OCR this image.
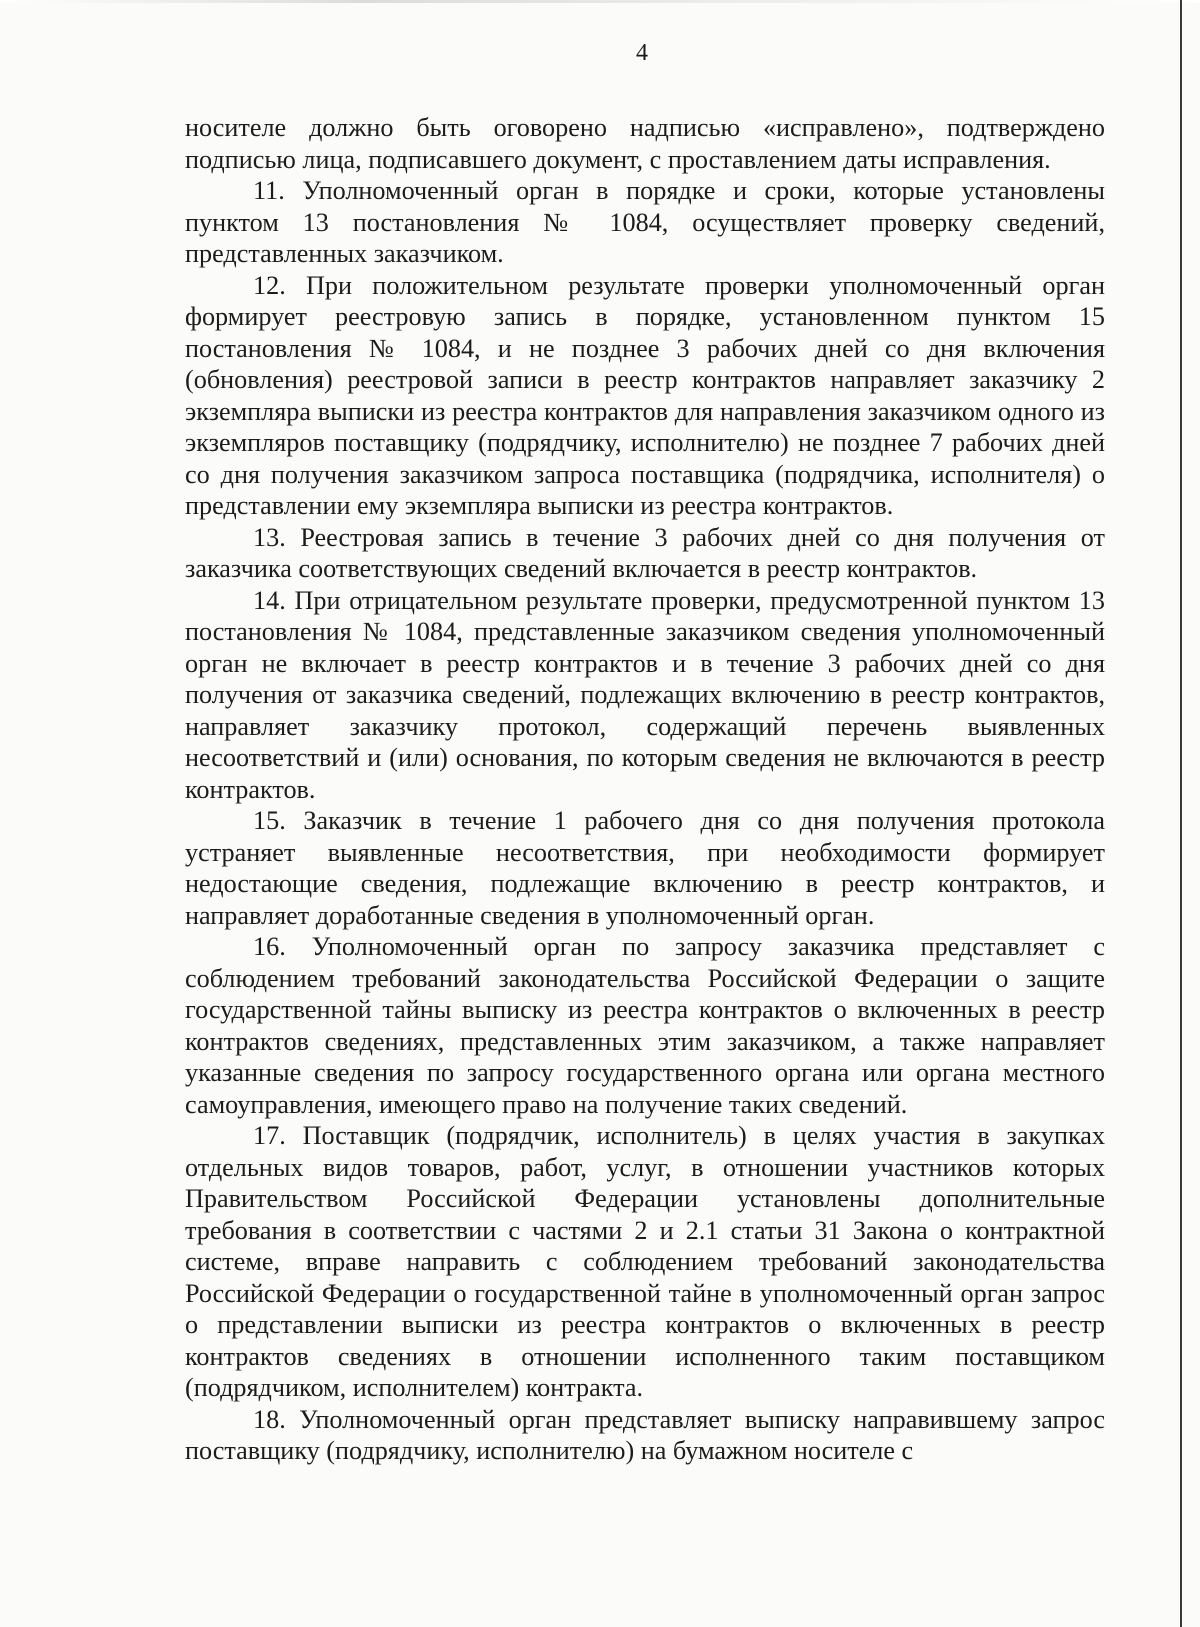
4

носителе должно быть оговорено надписью «исправлено», подтверждено подписью лица, подписавшего документ, с проставлением даты исправления.

11. Уполномоченный орган в порядке и сроки, которые установлены пунктом 13 постановления № 1084, осуществляет проверку сведений, представленных заказчиком.

12. При положительном результате проверки уполномоченный орган формирует реестровую запись в порядке, установленном пунктом 15 постановления № 1084, и не позднее 3 рабочих дней со дня включения (обновления) реестровой записи в реестр контрактов направляет заказчику 2 экземпляра выписки из реестра контрактов для направления заказчиком одного из экземпляров поставщику (подрядчику, исполнителю) не позднее 7 рабочих дней со дня получения заказчиком запроса поставщика (подрядчика, исполнителя) о представлении ему экземпляра выписки из реестра контрактов.

13. Реестровая запись в течение 3 рабочих дней со дня получения от заказчика соответствующих сведений включается в реестр контрактов.

14. При отрицательном результате проверки, предусмотренной пунктом 13 постановления № 1084, представленные заказчиком сведения уполномоченный орган не включает в реестр контрактов и в течение 3 рабочих дней со дня получения от заказчика сведений, подлежащих включению в реестр контрактов, направляет заказчику протокол, содержащий перечень выявленных несоответствий и (или) основания, по которым сведения не включаются в реестр контрактов.

15. Заказчик в течение 1 рабочего дня со дня получения протокола устраняет выявленные несоответствия, при необходимости формирует недостающие сведения, подлежащие включению в реестр контрактов, и направляет доработанные сведения в уполномоченный орган.

16. Уполномоченный орган по запросу заказчика представляет с соблюдением требований законодательства Российской Федерации о защите государственной тайны выписку из реестра контрактов о включенных в реестр контрактов сведениях, представленных этим заказчиком, а также направляет указанные сведения по запросу государственного органа или органа местного самоуправления, имеющего право на получение таких сведений.

17. Поставщик (подрядчик, исполнитель) в целях участия в закупках отдельных видов товаров, работ, услуг, в отношении участников которых Правительством Российской Федерации установлены дополнительные требования в соответствии с частями 2 и 2.1 статьи 31 Закона о контрактной системе, вправе направить с соблюдением требований законодательства Российской Федерации о государственной тайне в уполномоченный орган запрос о представлении выписки из реестра контрактов о включенных в реестр контрактов сведениях в отношении исполненного таким поставщиком (подрядчиком, исполнителем) контракта.

18. Уполномоченный орган представляет выписку направившему запрос поставщику (подрядчику, исполнителю) на бумажном носителе с
